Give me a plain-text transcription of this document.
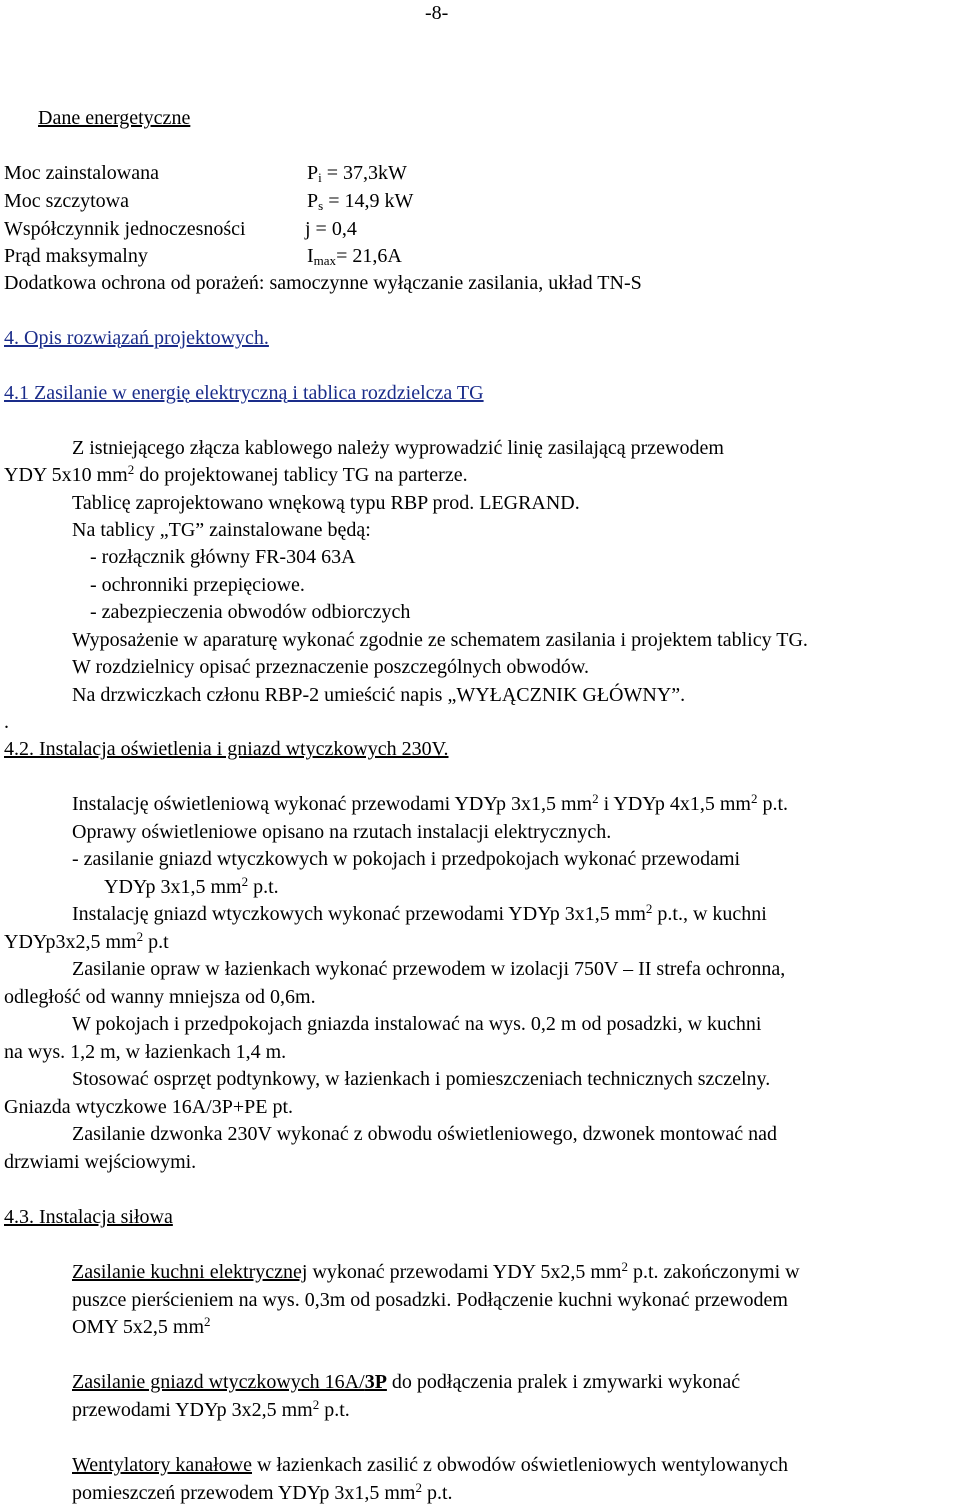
-8-
Dane energetyczne
Moc zainstalowana	$P_i = 37,3kW$
Moc szczytowa	$P_s = 14,9$ kW
Współczynnik jednoczesności	j = 0,4
Prąd maksymalny	$I_{max}= 21,6A$
Dodatkowa ochrona od porażeń: samoczynne wyłączanie zasilania, układ TN-S
4. Opis rozwiązań projektowych.
4.1 Zasilanie w energię elektryczną i tablica rozdzielcza TG
Z istniejącego złącza kablowego należy wyprowadzić linię zasilającą przewodem
YDY 5x10 $mm^2$ do projektowanej tablicy TG na parterze.
Tablicę zaprojektowano wnękową typu RBP prod. LEGRAND.
Na tablicy „TG” zainstalowane będą:
- rozłącznik główny FR-304 63A
- ochronniki przepięciowe.
- zabezpieczenia obwodów odbiorczych
Wyposażenie w aparaturę wykonać zgodnie ze schematem zasilania i projektem tablicy TG.
W rozdzielnicy opisać przeznaczenie poszczególnych obwodów.
Na drzwiczkach członu RBP-2 umieścić napis „WYŁĄCZNIK GŁÓWNY”.
.
4.2. Instalacja oświetlenia i gniazd wtyczkowych 230V.
Instalację oświetleniową wykonać przewodami YDYp 3x1,5 $mm^2$ i YDYp 4x1,5 $mm^2$ p.t.
Oprawy oświetleniowe opisano na rzutach instalacji elektrycznych.
- zasilanie gniazd wtyczkowych w pokojach i przedpokojach wykonać przewodami
YDYp 3x1,5 $mm^2$ p.t.
Instalację gniazd wtyczkowych wykonać przewodami YDYp 3x1,5 $mm^2$ p.t., w kuchni
YDYp3x2,5 $mm^2$ p.t
Zasilanie opraw w łazienkach wykonać przewodem w izolacji 750V – II strefa ochronna,
odległość od wanny mniejsza od 0,6m.
W pokojach i przedpokojach gniazda instalować na wys. 0,2 m od posadzki, w kuchni
na wys. 1,2 m, w łazienkach 1,4 m.
Stosować osprzęt podtynkowy, w łazienkach i pomieszczeniach technicznych szczelny.
Gniazda wtyczkowe 16A/3P+PE pt.
Zasilanie dzwonka 230V wykonać z obwodu oświetleniowego, dzwonek montować nad
drzwiami wejściowymi.
4.3. Instalacja siłowa
Zasilanie kuchni elektrycznej wykonać przewodami YDY 5x2,5 $mm^2$ p.t. zakończonymi w
puszce pierścieniem na wys. 0,3m od posadzki. Podłączenie kuchni wykonać przewodem
OMY 5x2,5 $mm^2$
Zasilanie gniazd wtyczkowych 16A/3P do podłączenia pralek i zmywarki wykonać
przewodami YDYp 3x2,5 $mm^2$ p.t.
Wentylatory kanałowe w łazienkach zasilić z obwodów oświetleniowych wentylowanych
pomieszczeń przewodem YDYp 3x1,5 $mm^2$ p.t.
